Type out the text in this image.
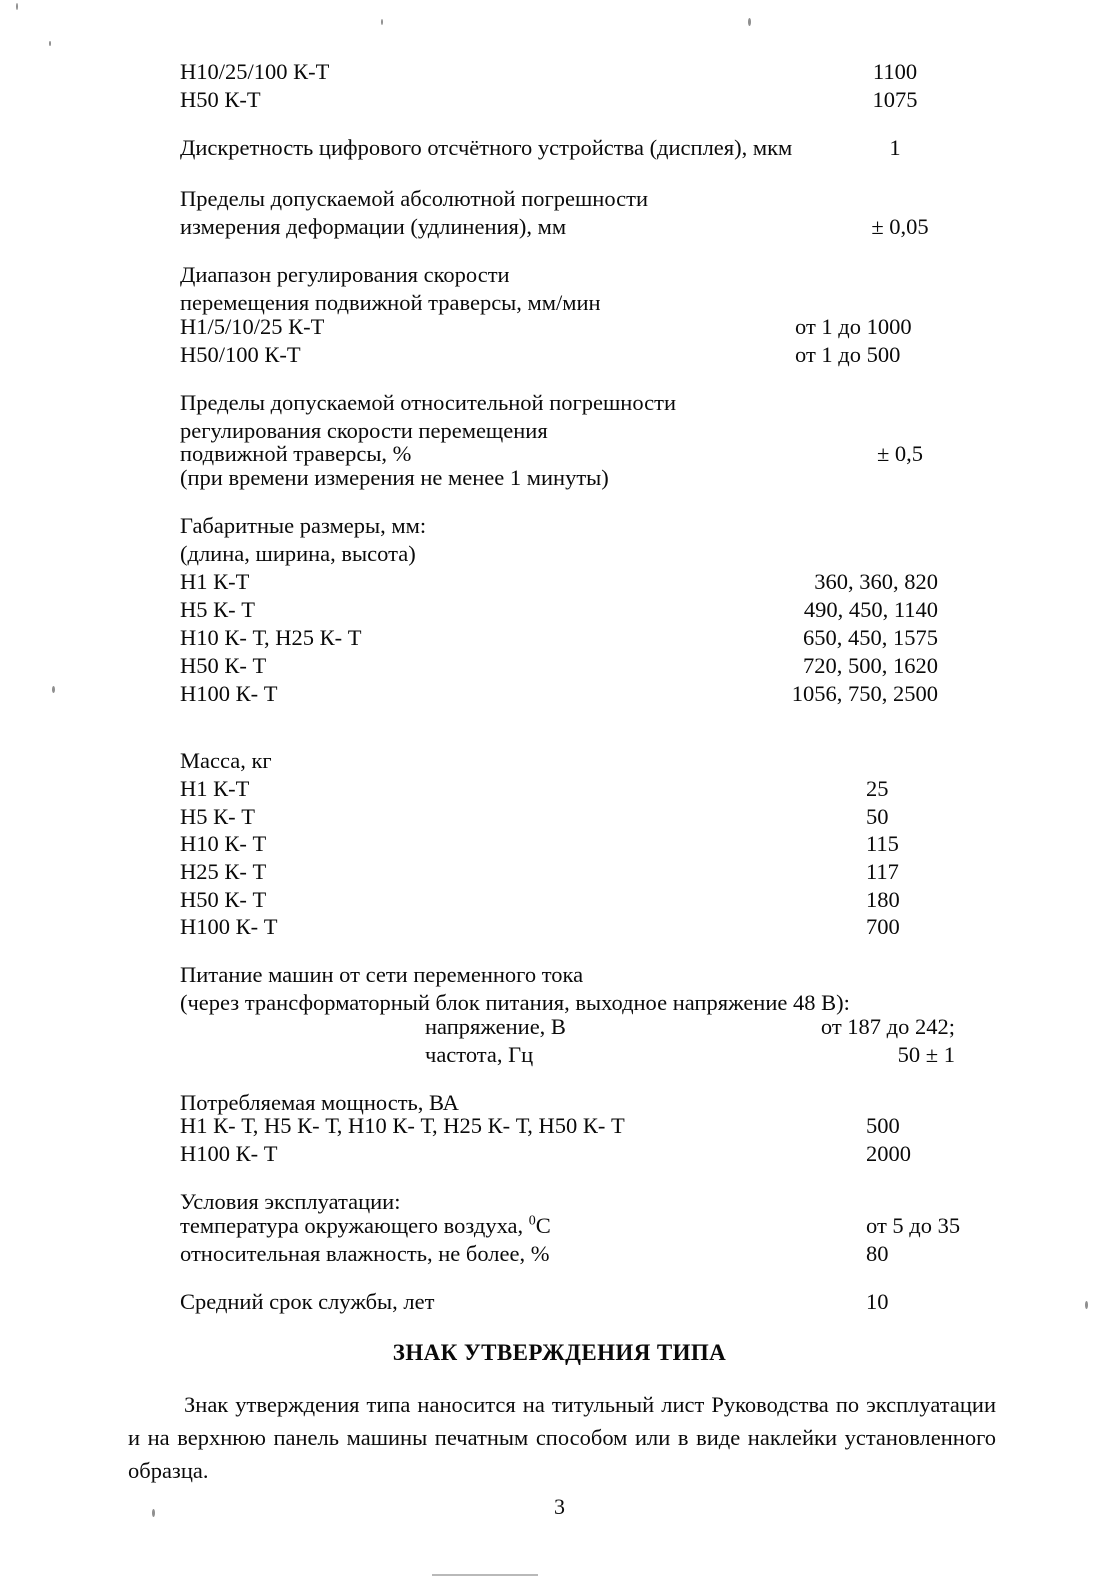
Н10/25/100 К-Т	1100
Н50 К-Т	1075
Дискретность цифрового отсчётного устройства (дисплея), мкм	1
Пределы допускаемой абсолютной погрешности
измерения деформации (удлинения), мм	± 0,05
Диапазон регулирования скорости
перемещения подвижной траверсы, мм/мин
Н1/5/10/25 К-Т	от 1 до 1000
Н50/100 К-Т	от 1 до 500
Пределы допускаемой относительной погрешности
регулирования скорости перемещения
подвижной траверсы, %	± 0,5
(при времени измерения не менее 1 минуты)
Габаритные размеры, мм:
(длина, ширина, высота)
Н1 К-Т	360, 360, 820
Н5 К- Т	490, 450, 1140
Н10 К- Т, Н25 К- Т	650, 450, 1575
Н50 К- Т	720, 500, 1620
Н100 К- Т	1056, 750, 2500
Масса, кг
Н1 К-Т	25
Н5 К- Т	50
Н10 К- Т	115
Н25 К- Т	117
Н50 К- Т	180
Н100 К- Т	700
Питание машин от сети переменного тока
(через трансформаторный блок питания, выходное напряжение 48 В):
напряжение, В	от 187 до 242;
частота, Гц	50 ± 1
Потребляемая мощность, ВА
Н1 К- Т, Н5 К- Т, Н10 К- Т, Н25 К- Т, Н50 К- Т	500
Н100 К- Т	2000
Условия эксплуатации:
температура окружающего воздуха, $^0$С	от 5 до 35
относительная влажность, не более, %	80
Средний срок службы, лет	10
ЗНАК УТВЕРЖДЕНИЯ ТИПА
Знак утверждения типа наносится на титульный лист Руководства по эксплуатации и на верхнюю панель машины печатным способом или в виде наклейки установленного образца.
3
